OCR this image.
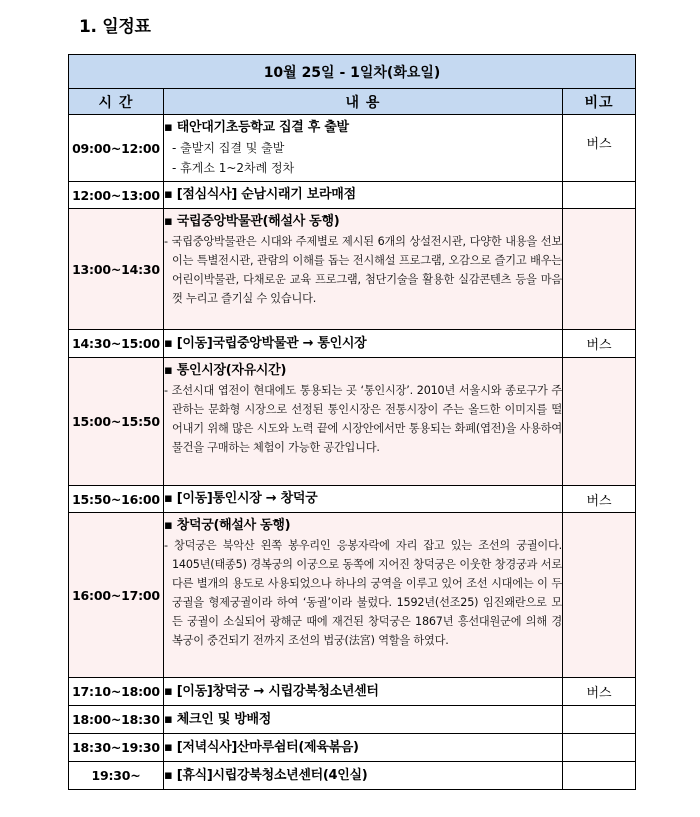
1. 일정표
10월 25일 - 1일차(화요일)		
시 간	내 용	비고
09:00~12:00	▪ 태안대기초등학교 집결 후 출발
- 출발지 집결 및 출발
- 휴게소 1~2차례 정차	버스

12:00~13:00	▪ [점심식사] 순남시래기 보라매점	

13:00~14:30	▪ 국립중앙박물관(해설사 동행)
- 국립중앙박물관은 시대와 주제별로 제시된 6개의 상설전시관, 다양한 내용을 선보이는 특별전시관, 관람의 이해를 돕는 전시해설 프로그램, 오감으로 즐기고 배우는 어린이박물관, 다채로운 교육 프로그램, 첨단기술을 활용한 실감콘텐츠 등을 마음껏 누리고 즐기실 수 있습니다.	

14:30~15:00	▪ [이동]국립중앙박물관 → 통인시장	버스
15:00~15:50	▪ 통인시장(자유시간)
- 조선시대 엽전이 현대에도 통용되는 곳 ‘통인시장’. 2010년 서울시와 종로구가 주관하는 문화형 시장으로 선정된 통인시장은 전통시장이 주는 올드한 이미지를 떨어내기 위해 많은 시도와 노력 끝에 시장안에서만 통용되는 화폐(엽전)을 사용하여 물건을 구매하는 체험이 가능한 공간입니다.	

15:50~16:00	▪ [이동]통인시장 → 창덕궁	버스
16:00~17:00	▪ 창덕궁(해설사 동행)
- 창덕궁은 북악산 왼쪽 봉우리인 응봉자락에 자리 잡고 있는 조선의 궁궐이다. 1405년(태종5) 경복궁의 이궁으로 동쪽에 지어진 창덕궁은 이웃한 창경궁과 서로 다른 별개의 용도로 사용되었으나 하나의 궁역을 이루고 있어 조선 시대에는 이 두 궁궐을 형제궁궐이라 하여 ‘동궐’이라 불렀다. 1592년(선조25) 임진왜란으로 모든 궁궐이 소실되어 광해군 때에 재건된 창덕궁은 1867년 흥선대원군에 의해 경복궁이 중건되기 전까지 조선의 법궁(法宮) 역할을 하였다.	

17:10~18:00	▪ [이동]창덕궁 → 시립강북청소년센터	버스
18:00~18:30	▪ 체크인 및 방배정	

18:30~19:30	▪ [저녁식사]산마루쉼터(제육볶음)	

19:30~	▪ [휴식]시립강북청소년센터(4인실)	
